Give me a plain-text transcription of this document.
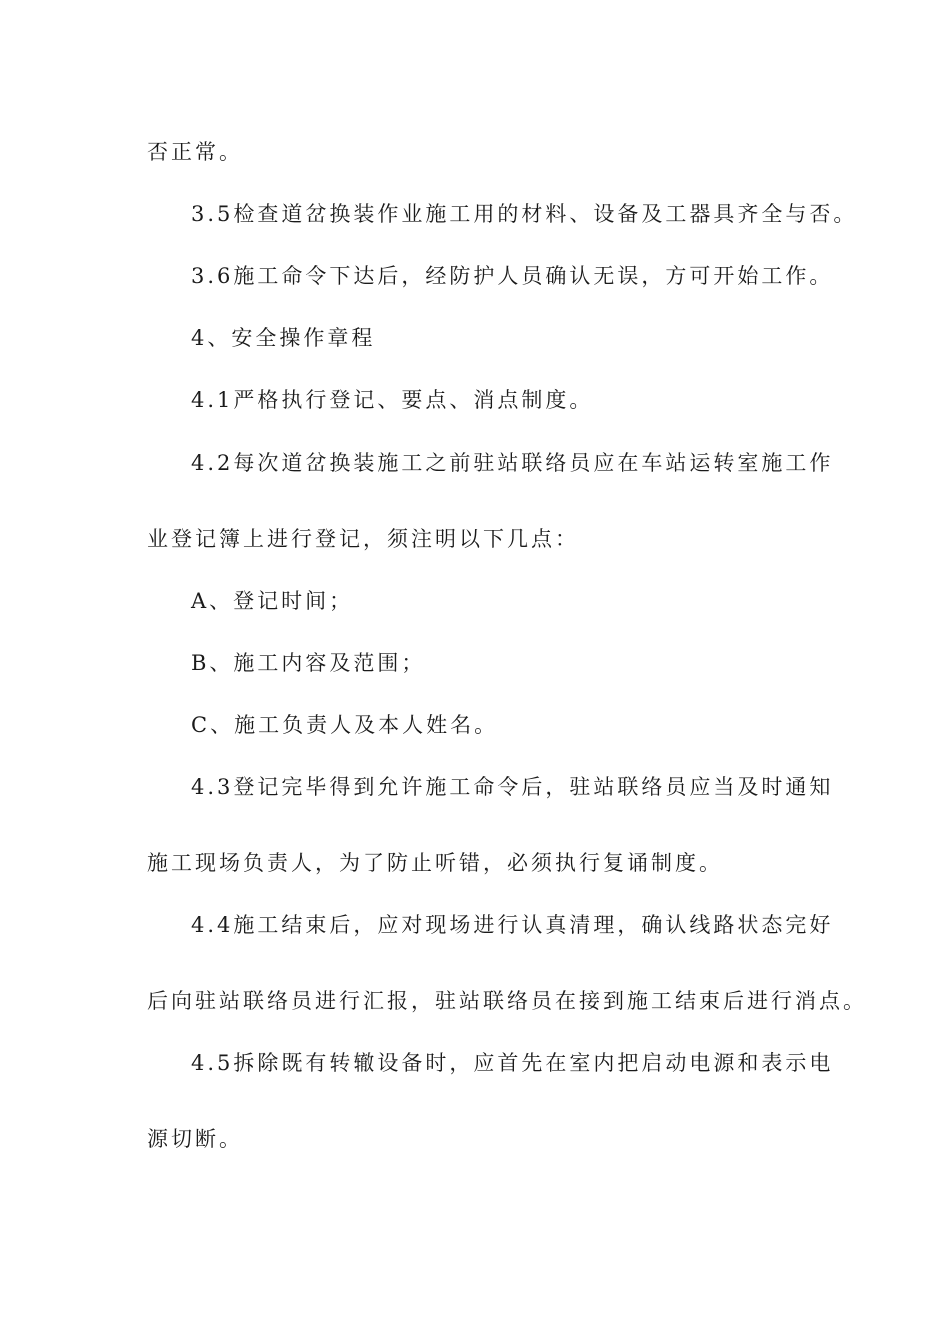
否正常。
3.5检查道岔换装作业施工用的材料、设备及工器具齐全与否。
3.6施工命令下达后，经防护人员确认无误，方可开始工作。
4、安全操作章程
4.1严格执行登记、要点、消点制度。
4.2每次道岔换装施工之前驻站联络员应在车站运转室施工作
业登记簿上进行登记，须注明以下几点：
A、登记时间；
B、施工内容及范围；
C、施工负责人及本人姓名。
4.3登记完毕得到允许施工命令后，驻站联络员应当及时通知
施工现场负责人，为了防止听错，必须执行复诵制度。
4.4施工结束后，应对现场进行认真清理，确认线路状态完好
后向驻站联络员进行汇报，驻站联络员在接到施工结束后进行消点。
4.5拆除既有转辙设备时，应首先在室内把启动电源和表示电
源切断。
